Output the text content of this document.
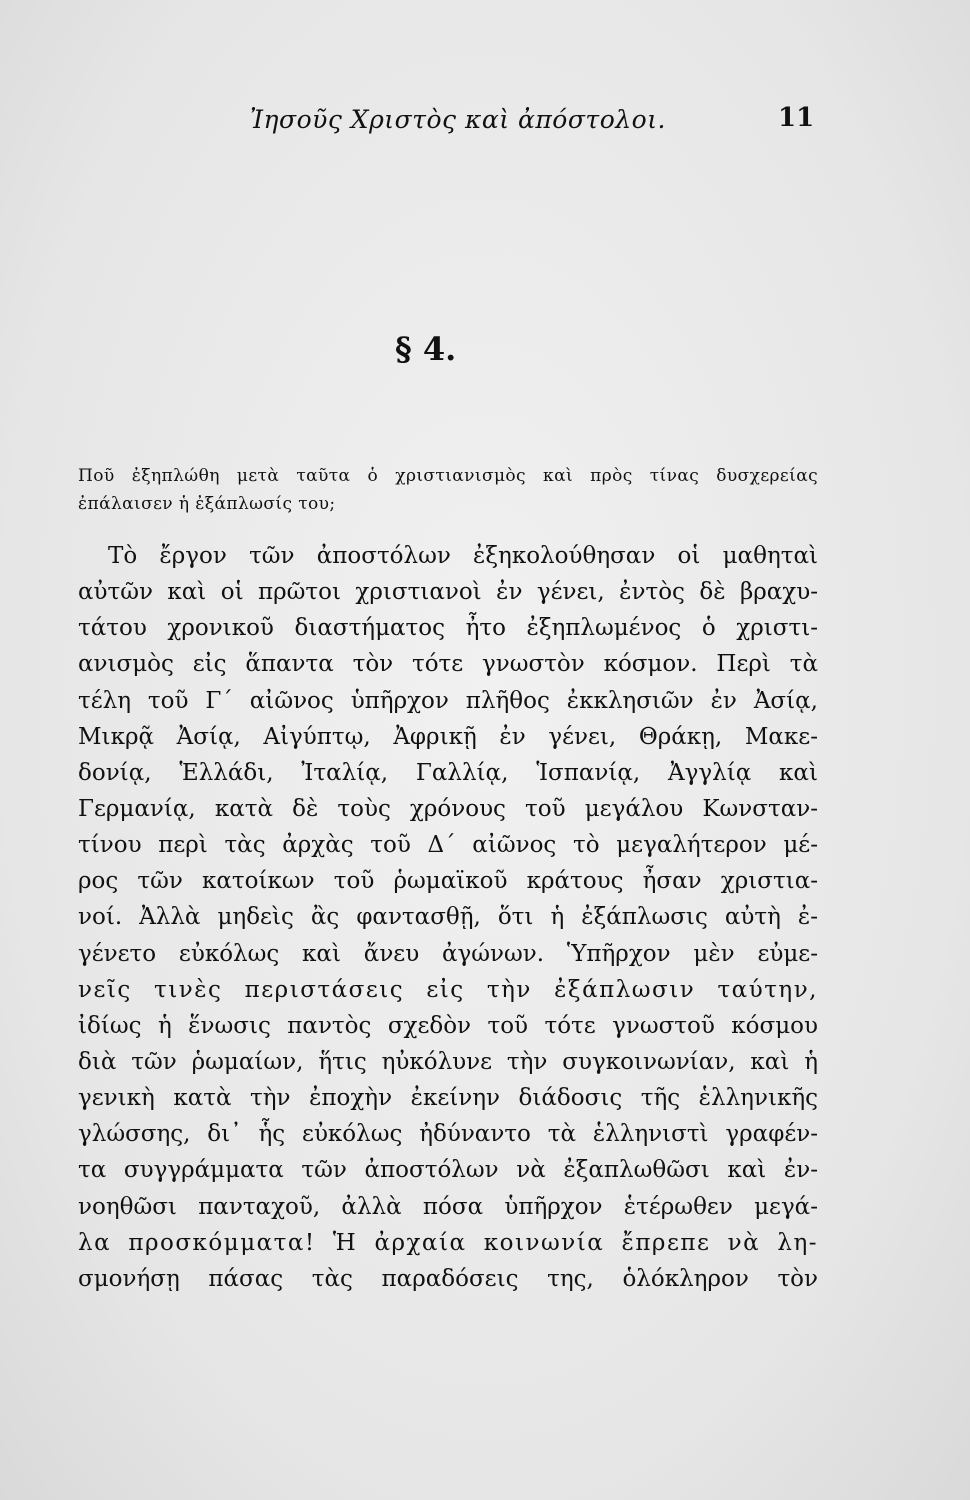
Ἰησοῦς Χριστὸς καὶ ἀπόστολοι.	11
§ 4.
Ποῦ ἐξηπλώθη μετὰ ταῦτα ὁ χριστιανισμὸς καὶ πρὸς τίνας δυσχερείας
ἐπάλαισεν ἡ ἐξάπλωσίς του;
Τὸ ἔργον τῶν ἀποστόλων ἐξηκολούθησαν οἱ μαθηταὶ
αὐτῶν καὶ οἱ πρῶτοι χριστιανοὶ ἐν γένει, ἐντὸς δὲ βραχυ-
τάτου χρονικοῦ διαστήματος ἦτο ἐξηπλωμένος ὁ χριστι-
ανισμὸς εἰς ἅπαντα τὸν τότε γνωστὸν κόσμον. Περὶ τὰ
τέλη τοῦ Γ΄ αἰῶνος ὑπῆρχον πλῆθος ἐκκλησιῶν ἐν Ἀσίᾳ,
Μικρᾷ Ἀσίᾳ, Αἰγύπτῳ, Ἀφρικῇ ἐν γένει, Θράκῃ, Μακε-
δονίᾳ, Ἑλλάδι, Ἰταλίᾳ, Γαλλίᾳ, Ἱσπανίᾳ, Ἀγγλίᾳ καὶ
Γερμανίᾳ, κατὰ δὲ τοὺς χρόνους τοῦ μεγάλου Κωνσταν-
τίνου περὶ τὰς ἀρχὰς τοῦ Δ΄ αἰῶνος τὸ μεγαλήτερον μέ-
ρος τῶν κατοίκων τοῦ ῥωμαϊκοῦ κράτους ἦσαν χριστια-
νοί. Ἀλλὰ μηδεὶς ἂς φαντασθῇ, ὅτι ἡ ἐξάπλωσις αὐτὴ ἐ-
γένετο εὐκόλως καὶ ἄνευ ἀγώνων. Ὑπῆρχον μὲν εὐμε-
νεῖς τινὲς περιστάσεις εἰς τὴν ἐξάπλωσιν ταύτην,
ἰδίως ἡ ἕνωσις παντὸς σχεδὸν τοῦ τότε γνωστοῦ κόσμου
διὰ τῶν ῥωμαίων, ἥτις ηὐκόλυνε τὴν συγκοινωνίαν, καὶ ἡ
γενικὴ κατὰ τὴν ἐποχὴν ἐκείνην διάδοσις τῆς ἑλληνικῆς
γλώσσης, δι᾽ ἧς εὐκόλως ἠδύναντο τὰ ἑλληνιστὶ γραφέν-
τα συγγράμματα τῶν ἀποστόλων νὰ ἐξαπλωθῶσι καὶ ἐν-
νοηθῶσι πανταχοῦ, ἀλλὰ πόσα ὑπῆρχον ἑτέρωθεν μεγά-
λα προσκόμματα! Ἡ ἀρχαία κοινωνία ἔπρεπε νὰ λη-
σμονήσῃ πάσας τὰς παραδόσεις της, ὁλόκληρον τὸν
